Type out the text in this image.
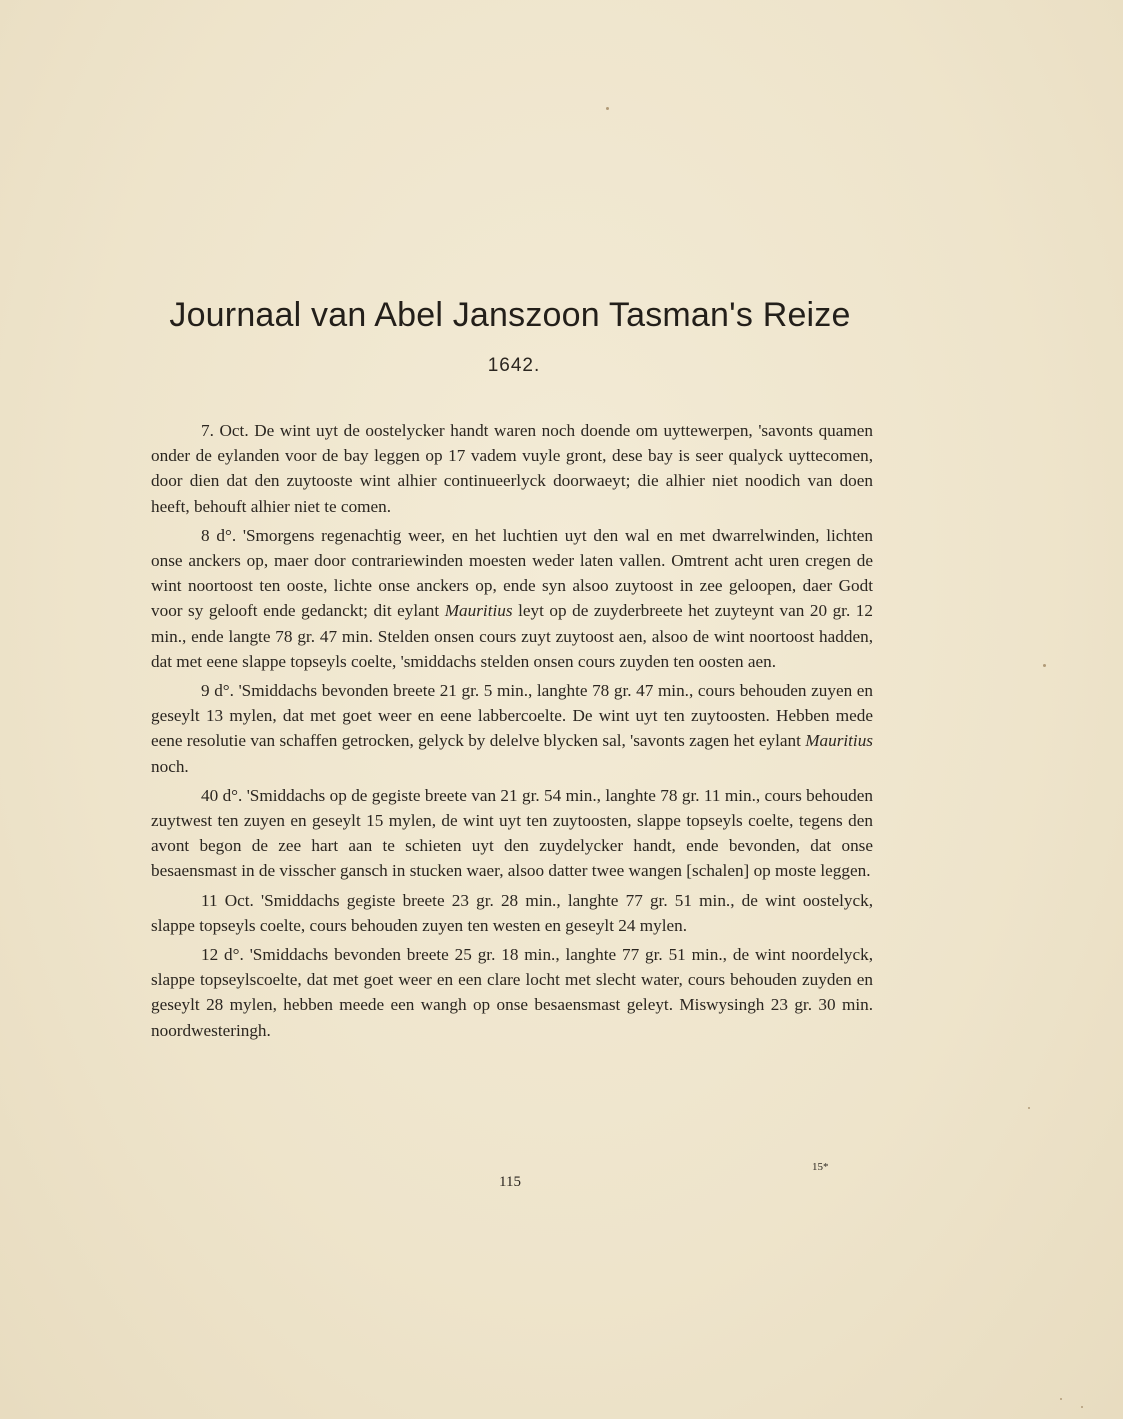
Journaal van Abel Janszoon Tasman's Reize
1642.

7. Oct. De wint uyt de oostelycker handt waren noch doende om uyttewerpen, 'savonts quamen onder de eylanden voor de bay leggen op 17 vadem vuyle gront, dese bay is seer qualyck uyttecomen, door dien dat den zuytooste wint alhier continueerlyck doorwaeyt; die alhier niet noodich van doen heeft, behouft alhier niet te comen.

8 d°. 'Smorgens regenachtig weer, en het luchtien uyt den wal en met dwarrelwinden, lichten onse anckers op, maer door contrariewinden moesten weder laten vallen. Omtrent acht uren cregen de wint noortoost ten ooste, lichte onse anckers op, ende syn alsoo zuytoost in zee geloopen, daer Godt voor sy gelooft ende gedanckt; dit eylant Mauritius leyt op de zuyderbreete het zuyteynt van 20 gr. 12 min., ende langte 78 gr. 47 min. Stelden onsen cours zuyt zuytoost aen, alsoo de wint noortoost hadden, dat met eene slappe topseyls coelte, 'smiddachs stelden onsen cours zuyden ten oosten aen.

9 d°. 'Smiddachs bevonden breete 21 gr. 5 min., langhte 78 gr. 47 min., cours behouden zuyen en geseylt 13 mylen, dat met goet weer en eene labbercoelte. De wint uyt ten zuytoosten. Hebben mede eene resolutie van schaffen getrocken, gelyck by delelve blycken sal, 'savonts zagen het eylant Mauritius noch.

40 d°. 'Smiddachs op de gegiste breete van 21 gr. 54 min., langhte 78 gr. 11 min., cours behouden zuytwest ten zuyen en geseylt 15 mylen, de wint uyt ten zuytoosten, slappe topseyls coelte, tegens den avont begon de zee hart aan te schieten uyt den zuydelycker handt, ende bevonden, dat onse besaensmast in de visscher gansch in stucken waer, alsoo datter twee wangen [schalen] op moste leggen.

11 Oct. 'Smiddachs gegiste breete 23 gr. 28 min., langhte 77 gr. 51 min., de wint oostelyck, slappe topseyls coelte, cours behouden zuyen ten westen en geseylt 24 mylen.

12 d°. 'Smiddachs bevonden breete 25 gr. 18 min., langhte 77 gr. 51 min., de wint noordelyck, slappe topseylscoelte, dat met goet weer en een clare locht met slecht water, cours behouden zuyden en geseylt 28 mylen, hebben meede een wangh op onse besaensmast geleyt. Miswysingh 23 gr. 30 min. noordwesteringh.

15*
115
